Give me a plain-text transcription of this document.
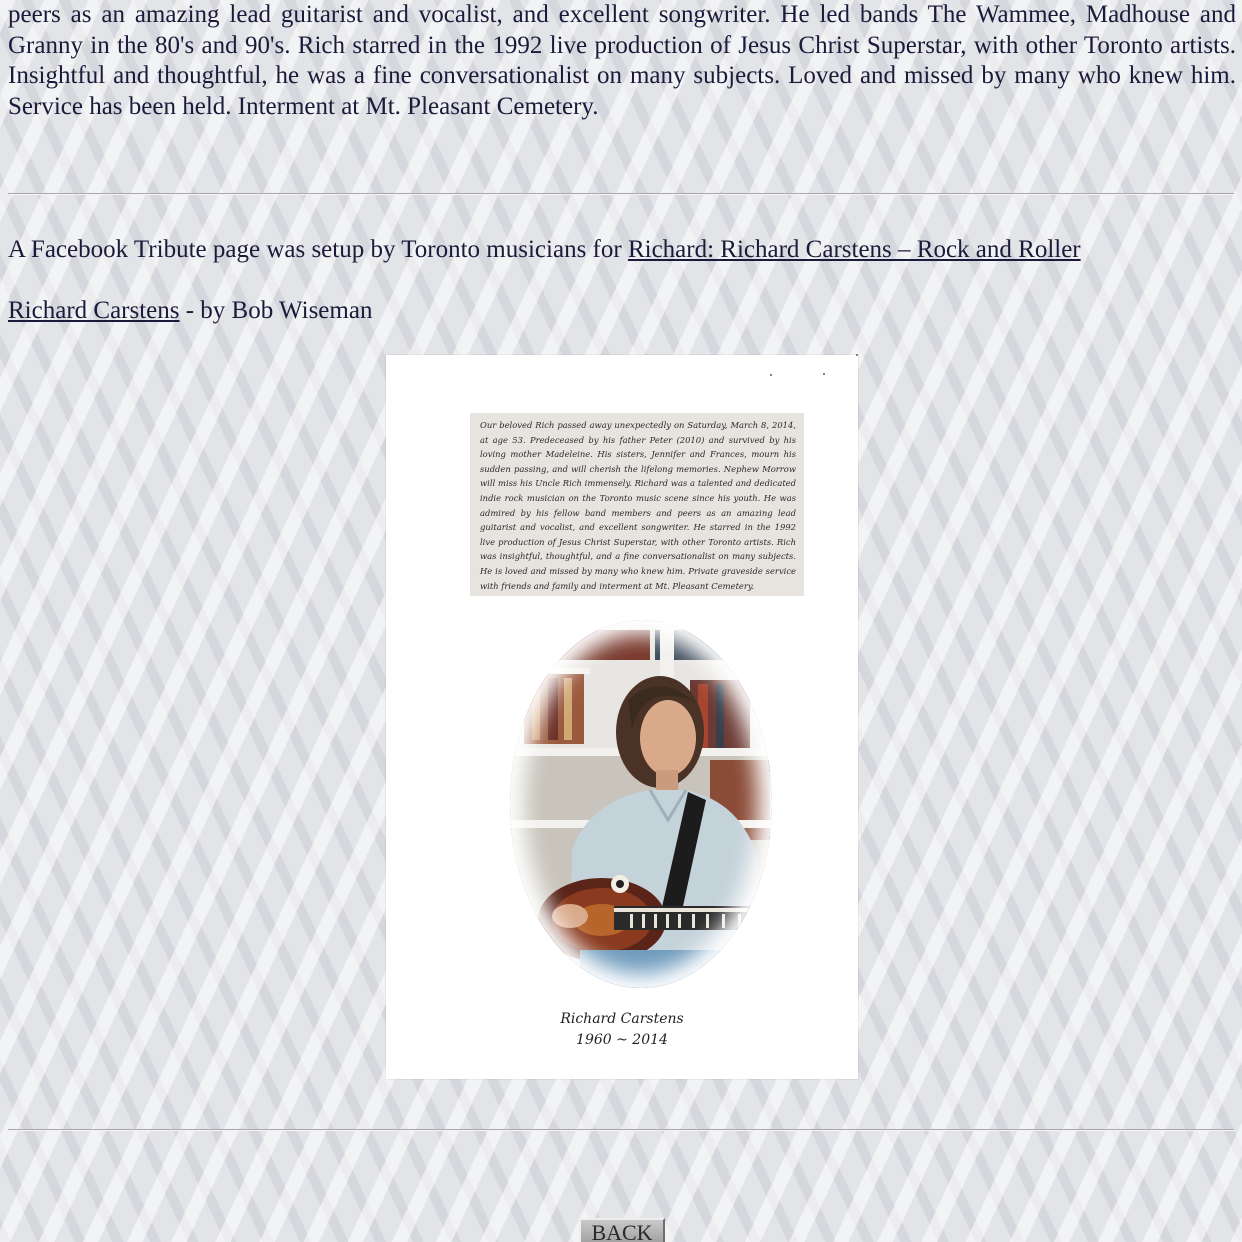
peers as an amazing lead guitarist and vocalist, and excellent songwriter. He led bands The Wammee, Madhouse and Granny in the 80's and 90's. Rich starred in the 1992 live production of Jesus Christ Superstar, with other Toronto artists. Insightful and thoughtful, he was a fine conversationalist on many subjects. Loved and missed by many who knew him. Service has been held. Interment at Mt. Pleasant Cemetery.

A Facebook Tribute page was setup by Toronto musicians for Richard: Richard Carstens – Rock and Roller

Richard Carstens - by Bob Wiseman

Our beloved Rich passed away unexpectedly on Saturday, March 8, 2014, at age 53. Predeceased by his father Peter (2010) and survived by his loving mother Madeleine. His sisters, Jennifer and Frances, mourn his sudden passing, and will cherish the lifelong memories. Nephew Morrow will miss his Uncle Rich immensely. Richard was a talented and dedicated indie rock musician on the Toronto music scene since his youth. He was admired by his fellow band members and peers as an amazing lead guitarist and vocalist, and excellent songwriter. He starred in the 1992 live production of Jesus Christ Superstar, with other Toronto artists. Rich was insightful, thoughtful, and a fine conversationalist on many subjects. He is loved and missed by many who knew him. Private graveside service with friends and family and interment at Mt. Pleasant Cemetery.
Richard Carstens
1960 ~ 2014
BACK
